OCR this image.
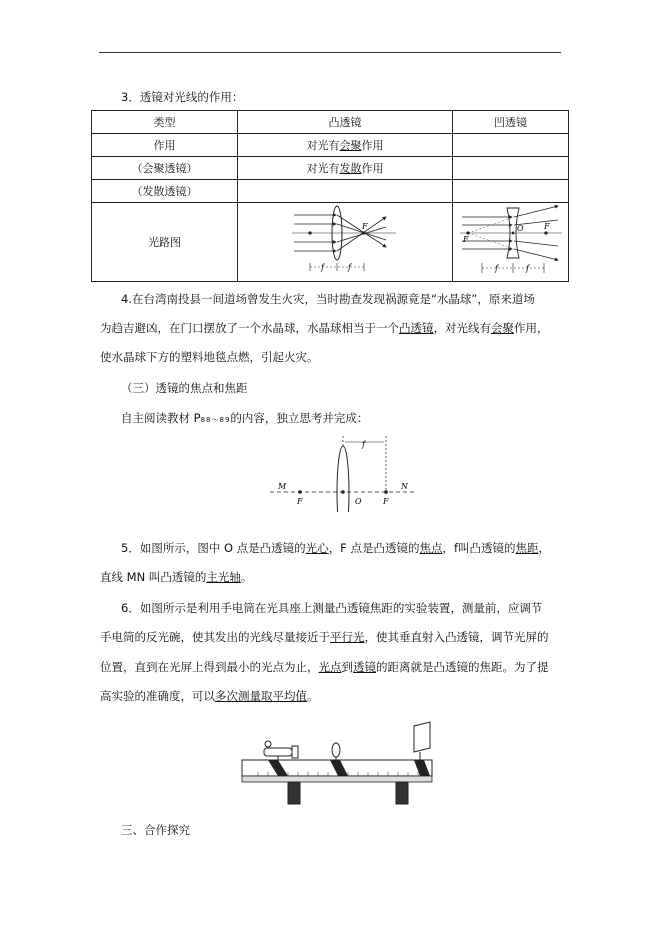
3．透镜对光线的作用：
类型	凸透镜	凹透镜
作用	对光有会聚作用	
（会聚透镜）	对光有发散作用	
（发散透镜）		
光路图	F
f f	F
O F
f f
4.在台湾南投县一间道场曾发生火灾，当时勘查发现祸源竟是“水晶球”，原来道场
为趋吉避凶，在门口摆放了一个水晶球，水晶球相当于一个凸透镜，对光线有会聚作用，
使水晶球下方的塑料地毯点燃，引起火灾。
（三）透镜的焦点和焦距
自主阅读教材 P88～89的内容，独立思考并完成：
f
M	N
F	O	F
5．如图所示，图中 O 点是凸透镜的光心，F 点是凸透镜的焦点，f叫凸透镜的焦距，
直线 MN 叫凸透镜的主光轴。
6．如图所示是利用手电筒在光具座上测量凸透镜焦距的实验装置，测量前，应调节
手电筒的反光碗，使其发出的光线尽量接近于平行光，使其垂直射入凸透镜，调节光屏的
位置，直到在光屏上得到最小的光点为止，光点到透镜的距离就是凸透镜的焦距。为了提
高实验的准确度，可以多次测量取平均值。
三、合作探究
